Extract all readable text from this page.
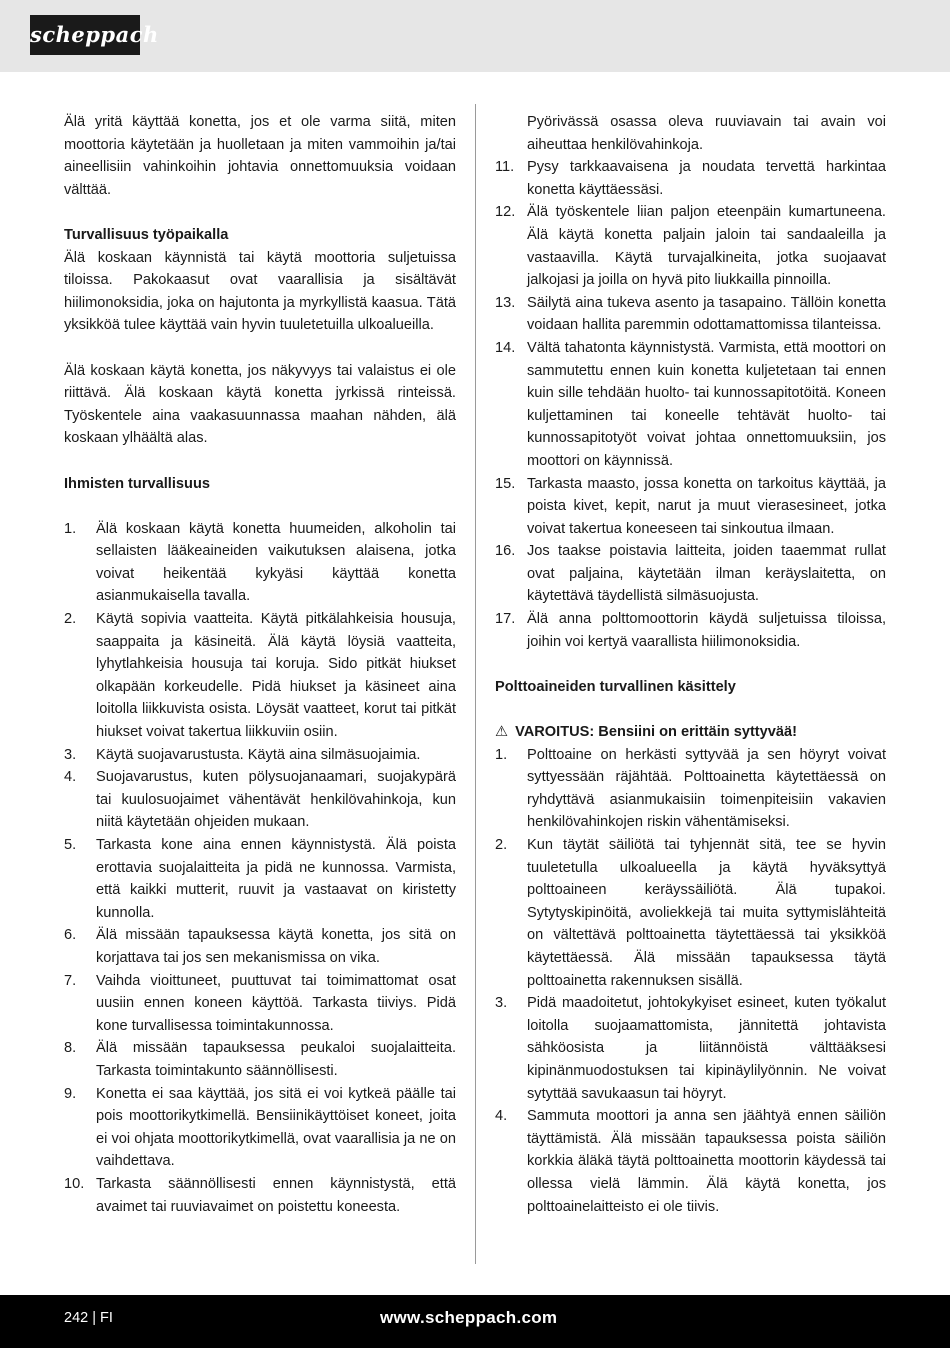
scheppach

Älä yritä käyttää konetta, jos et ole varma siitä, miten moottoria käytetään ja huolletaan ja miten vammoihin ja/tai aineellisiin vahinkoihin johtavia onnettomuuksia voidaan välttää.

Turvallisuus työpaikalla

Älä koskaan käynnistä tai käytä moottoria suljetuissa tiloissa. Pakokaasut ovat vaarallisia ja sisältävät hiilimonoksidia, joka on hajutonta ja myrkyllistä kaasua. Tätä yksikköä tulee käyttää vain hyvin tuuletetuilla ulkoalueilla.

Älä koskaan käytä konetta, jos näkyvyys tai valaistus ei ole riittävä. Älä koskaan käytä konetta jyrkissä rinteissä. Työskentele aina vaakasuunnassa maahan nähden, älä koskaan ylhäältä alas.

Ihmisten turvallisuus

1. Älä koskaan käytä konetta huumeiden, alkoholin tai sellaisten lääkeaineiden vaikutuksen alaisena, jotka voivat heikentää kykyäsi käyttää konetta asianmukaisella tavalla.
2. Käytä sopivia vaatteita. Käytä pitkälahkeisia housuja, saappaita ja käsineitä. Älä käytä löysiä vaatteita, lyhytlahkeisia housuja tai koruja. Sido pitkät hiukset olkapään korkeudelle. Pidä hiukset ja käsineet aina loitolla liikkuvista osista. Löysät vaatteet, korut tai pitkät hiukset voivat takertua liikkuviin osiin.
3. Käytä suojavarustusta. Käytä aina silmäsuojaimia.
4. Suojavarustus, kuten pölysuojanaamari, suojakypärä tai kuulosuojaimet vähentävät henkilövahinkoja, kun niitä käytetään ohjeiden mukaan.
5. Tarkasta kone aina ennen käynnistystä. Älä poista erottavia suojalaitteita ja pidä ne kunnossa. Varmista, että kaikki mutterit, ruuvit ja vastaavat on kiristetty kunnolla.
6. Älä missään tapauksessa käytä konetta, jos sitä on korjattava tai jos sen mekanismissa on vika.
7. Vaihda vioittuneet, puuttuvat tai toimimattomat osat uusiin ennen koneen käyttöä. Tarkasta tiiviys. Pidä kone turvallisessa toimintakunnossa.
8. Älä missään tapauksessa peukaloi suojalaitteita. Tarkasta toimintakunto säännöllisesti.
9. Konetta ei saa käyttää, jos sitä ei voi kytkeä päälle tai pois moottorikytkimellä. Bensiinikäyttöiset koneet, joita ei voi ohjata moottorikytkimellä, ovat vaarallisia ja ne on vaihdettava.
10. Tarkasta säännöllisesti ennen käynnistystä, että avaimet tai ruuviavaimet on poistettu koneesta.

Pyörivässä osassa oleva ruuviavain tai avain voi aiheuttaa henkilövahinkoja.

11. Pysy tarkkaavaisena ja noudata tervettä harkintaa konetta käyttäessäsi.
12. Älä työskentele liian paljon eteenpäin kumartuneena. Älä käytä konetta paljain jaloin tai sandaaleilla ja vastaavilla. Käytä turvajalkineita, jotka suojaavat jalkojasi ja joilla on hyvä pito liukkailla pinnoilla.
13. Säilytä aina tukeva asento ja tasapaino. Tällöin konetta voidaan hallita paremmin odottamattomissa tilanteissa.
14. Vältä tahatonta käynnistystä. Varmista, että moottori on sammutettu ennen kuin konetta kuljetetaan tai ennen kuin sille tehdään huolto- tai kunnossapitotöitä. Koneen kuljettaminen tai koneelle tehtävät huolto- tai kunnossapitotyöt voivat johtaa onnettomuuksiin, jos moottori on käynnissä.
15. Tarkasta maasto, jossa konetta on tarkoitus käyttää, ja poista kivet, kepit, narut ja muut vierasesineet, jotka voivat takertua koneeseen tai sinkoutua ilmaan.
16. Jos taakse poistavia laitteita, joiden taaemmat rullat ovat paljaina, käytetään ilman keräyslaitetta, on käytettävä täydellistä silmäsuojusta.
17. Älä anna polttomoottorin käydä suljetuissa tiloissa, joihin voi kertyä vaarallista hiilimonoksidia.

Polttoaineiden turvallinen käsittely

⚠ VAROITUS: Bensiini on erittäin syttyvää!

1. Polttoaine on herkästi syttyvää ja sen höyryt voivat syttyessään räjähtää. Polttoainetta käytettäessä on ryhdyttävä asianmukaisiin toimenpiteisiin vakavien henkilövahinkojen riskin vähentämiseksi.
2. Kun täytät säiliötä tai tyhjennät sitä, tee se hyvin tuuletetulla ulkoalueella ja käytä hyväksyttyä polttoaineen keräyssäiliötä. Älä tupakoi. Sytytyskipinöitä, avoliekkejä tai muita syttymislähteitä on vältettävä polttoainetta täytettäessä tai yksikköä käytettäessä. Älä missään tapauksessa täytä polttoainetta rakennuksen sisällä.
3. Pidä maadoitetut, johtokykyiset esineet, kuten työkalut loitolla suojaamattomista, jännitettä johtavista sähköosista ja liitännöistä välttääksesi kipinänmuodostuksen tai kipinäylilyönnin. Ne voivat sytyttää savukaasun tai höyryt.
4. Sammuta moottori ja anna sen jäähtyä ennen säiliön täyttämistä. Älä missään tapauksessa poista säiliön korkkia äläkä täytä polttoainetta moottorin käydessä tai ollessa vielä lämmin. Älä käytä konetta, jos polttoainelaitteisto ei ole tiivis.
242 | FI	www.scheppach.com
